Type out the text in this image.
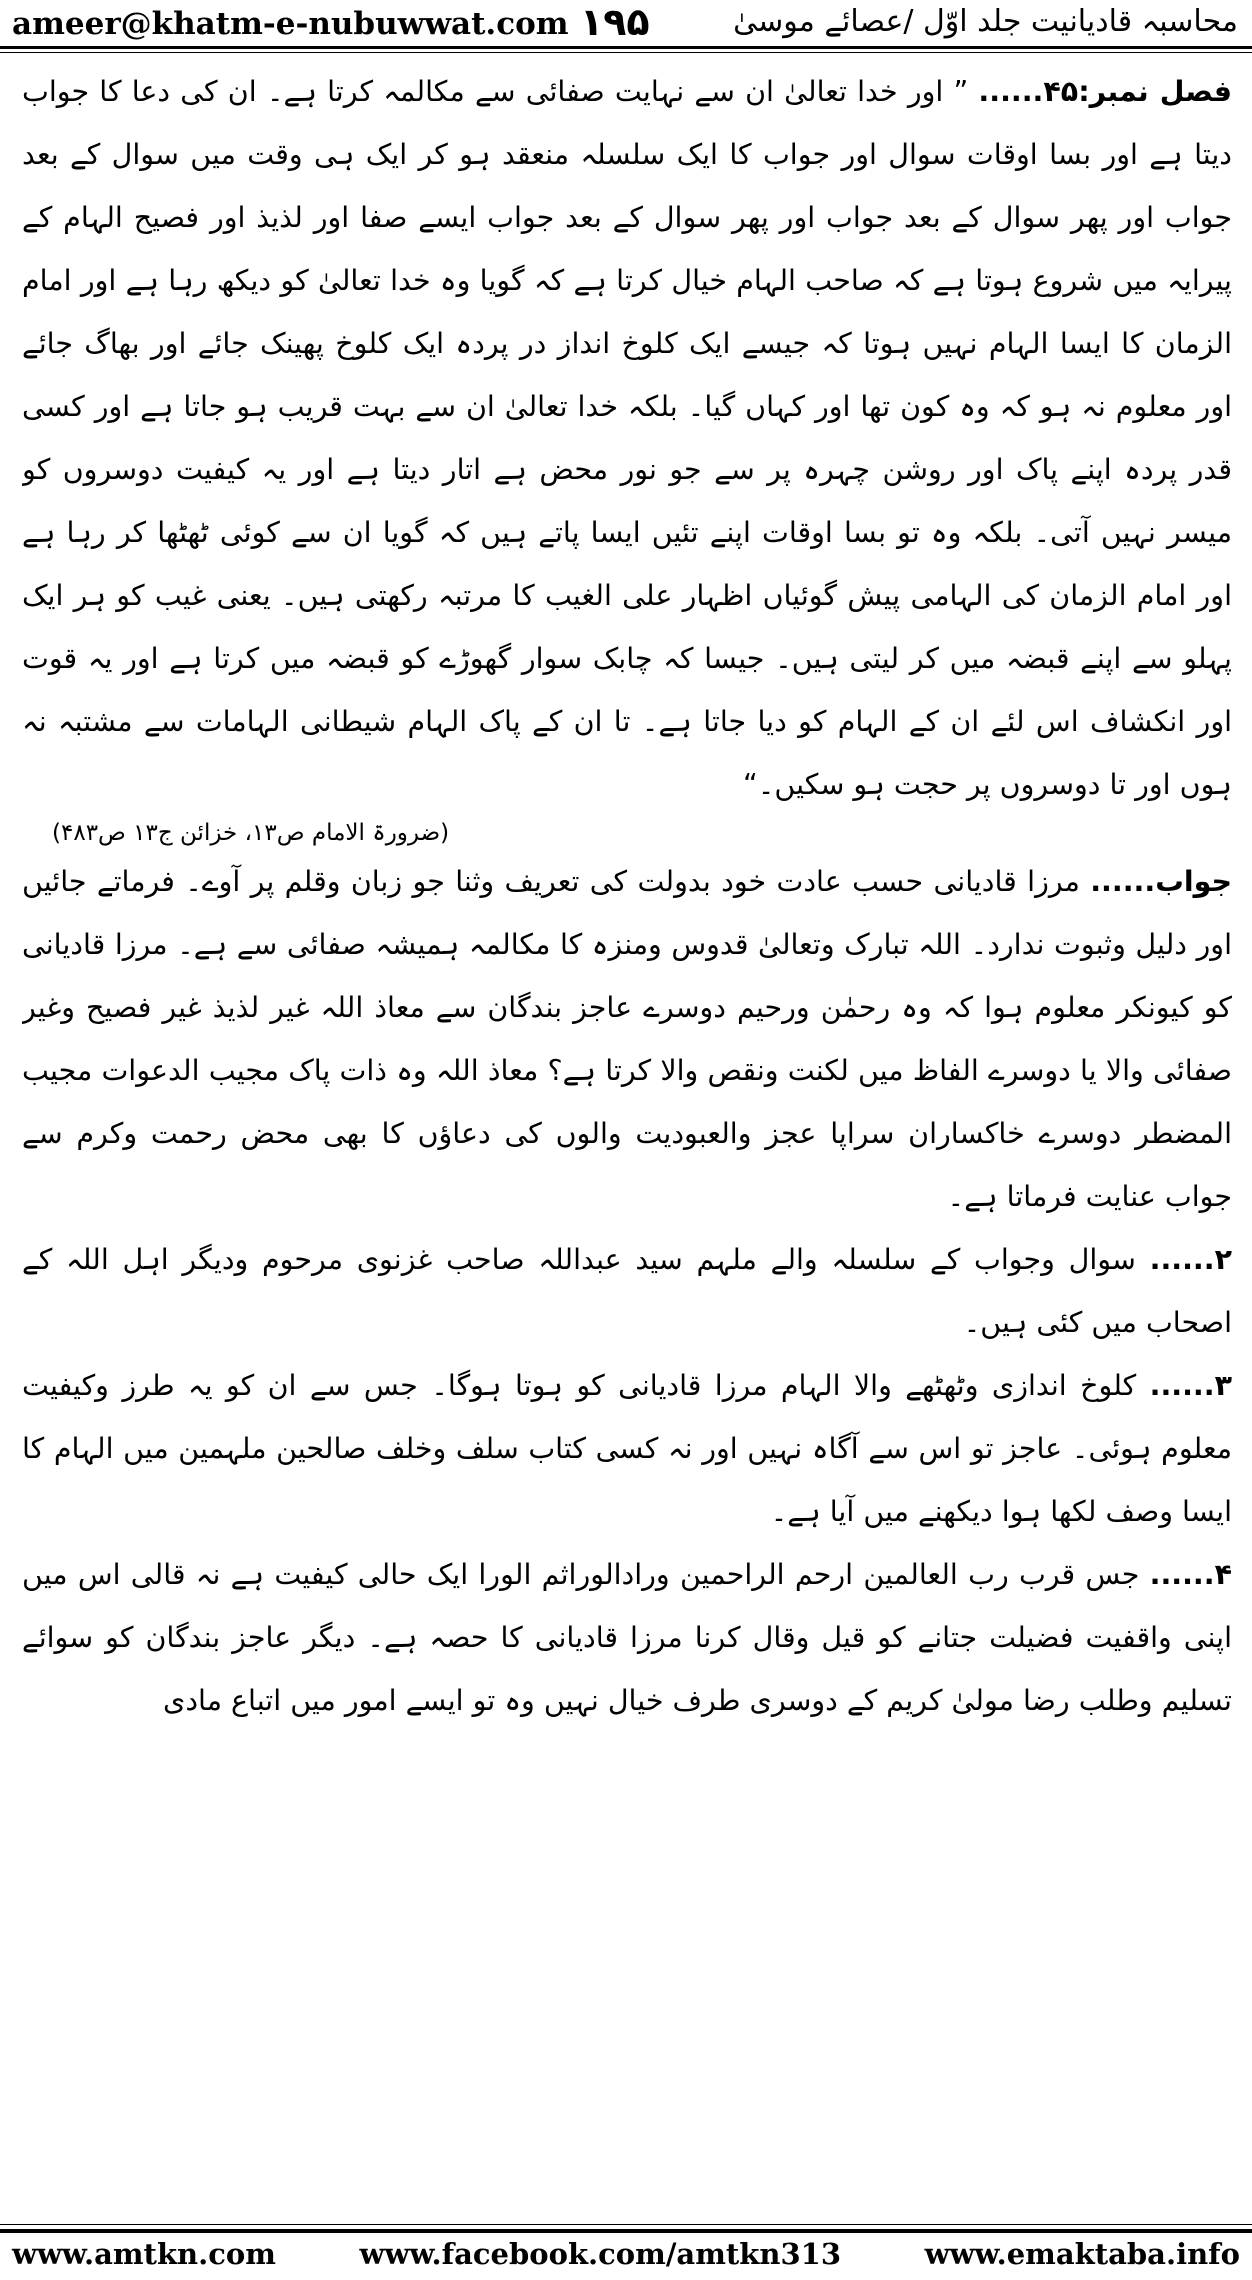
ameer@khatm-e-nubuwwat.com ۱۹۵	محاسبہ قادیانیت جلد اوّل /عصائے موسیٰ

فصل نمبر:۴۵...... ” اور خدا تعالیٰ ان سے نہایت صفائی سے مکالمہ کرتا ہے۔ ان کی دعا کا جواب دیتا ہے اور بسا اوقات سوال اور جواب کا ایک سلسلہ منعقد ہو کر ایک ہی وقت میں سوال کے بعد جواب اور پھر سوال کے بعد جواب اور پھر سوال کے بعد جواب ایسے صفا اور لذیذ اور فصیح الہام کے پیرایہ میں شروع ہوتا ہے کہ صاحب الہام خیال کرتا ہے کہ گویا وہ خدا تعالیٰ کو دیکھ رہا ہے اور امام الزمان کا ایسا الہام نہیں ہوتا کہ جیسے ایک کلوخ انداز در پردہ ایک کلوخ پھینک جائے اور بھاگ جائے اور معلوم نہ ہو کہ وہ کون تھا اور کہاں گیا۔ بلکہ خدا تعالیٰ ان سے بہت قریب ہو جاتا ہے اور کسی قدر پردہ اپنے پاک اور روشن چہرہ پر سے جو نور محض ہے اتار دیتا ہے اور یہ کیفیت دوسروں کو میسر نہیں آتی۔ بلکہ وہ تو بسا اوقات اپنے تئیں ایسا پاتے ہیں کہ گویا ان سے کوئی ٹھٹھا کر رہا ہے اور امام الزمان کی الہامی پیش گوئیاں اظہار علی الغیب کا مرتبہ رکھتی ہیں۔ یعنی غیب کو ہر ایک پہلو سے اپنے قبضہ میں کر لیتی ہیں۔ جیسا کہ چابک سوار گھوڑے کو قبضہ میں کرتا ہے اور یہ قوت اور انکشاف اس لئے ان کے الہام کو دیا جاتا ہے۔ تا ان کے پاک الہام شیطانی الہامات سے مشتبہ نہ ہوں اور تا دوسروں پر حجت ہو سکیں۔“

(ضرورۃ الامام ص۱۳، خزائن ج۱۳ ص۴۸۳)

جواب...... مرزا قادیانی حسب عادت خود بدولت کی تعریف وثنا جو زبان وقلم پر آوے۔ فرماتے جائیں اور دلیل وثبوت ندارد۔ اللہ تبارک وتعالیٰ قدوس ومنزہ کا مکالمہ ہمیشہ صفائی سے ہے۔ مرزا قادیانی کو کیونکر معلوم ہوا کہ وہ رحمٰن ورحیم دوسرے عاجز بندگان سے معاذ اللہ غیر لذیذ غیر فصیح وغیر صفائی والا یا دوسرے الفاظ میں لکنت ونقص والا کرتا ہے؟ معاذ اللہ وہ ذات پاک مجیب الدعوات مجیب المضطر دوسرے خاکساران سراپا عجز والعبودیت والوں کی دعاؤں کا بھی محض رحمت وکرم سے جواب عنایت فرماتا ہے۔

۲...... سوال وجواب کے سلسلہ والے ملہم سید عبداللہ صاحب غزنوی مرحوم ودیگر اہل اللہ کے اصحاب میں کئی ہیں۔

۳...... کلوخ اندازی وٹھٹھے والا الہام مرزا قادیانی کو ہوتا ہوگا۔ جس سے ان کو یہ طرز وکیفیت معلوم ہوئی۔ عاجز تو اس سے آگاہ نہیں اور نہ کسی کتاب سلف وخلف صالحین ملہمین میں الہام کا ایسا وصف لکھا ہوا دیکھنے میں آیا ہے۔

۴...... جس قرب رب العالمین ارحم الراحمین ورادالوراثم الورا ایک حالی کیفیت ہے نہ قالی اس میں اپنی واقفیت فضیلت جتانے کو قیل وقال کرنا مرزا قادیانی کا حصہ ہے۔ دیگر عاجز بندگان کو سوائے تسلیم وطلب رضا مولیٰ کریم کے دوسری طرف خیال نہیں وہ تو ایسے امور میں اتباع مادی

www.amtkn.com	www.facebook.com/amtkn313	www.emaktaba.info
